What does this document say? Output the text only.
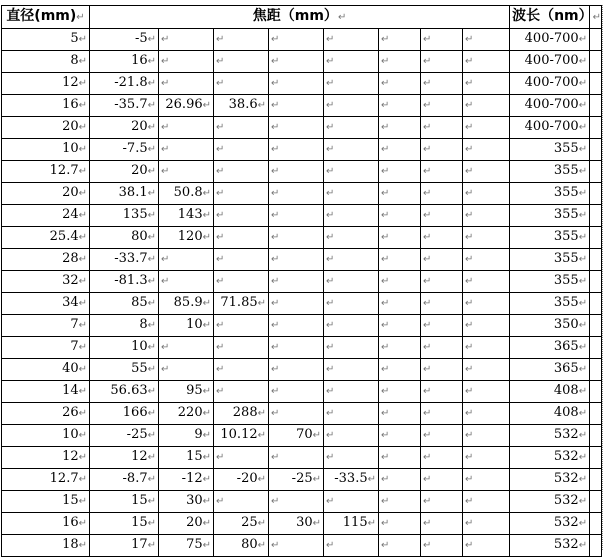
直径(mm)↵	焦距（mm）↵								波长（nm）↵	
5↵	-5↵	↵	↵	↵	↵	↵	↵	↵	400-700↵	
8↵	16↵	↵	↵	↵	↵	↵	↵	↵	400-700↵	
12↵	-21.8↵	↵	↵	↵	↵	↵	↵	↵	400-700↵	
16↵	-35.7↵	26.96↵	38.6↵	↵	↵	↵	↵	↵	400-700↵	
20↵	20↵	↵	↵	↵	↵	↵	↵	↵	400-700↵	
10↵	-7.5↵	↵	↵	↵	↵	↵	↵	↵	355↵	
12.7↵	20↵	↵	↵	↵	↵	↵	↵	↵	355↵	
20↵	38.1↵	50.8↵	↵	↵	↵	↵	↵	↵	355↵	
24↵	135↵	143↵	↵	↵	↵	↵	↵	↵	355↵	
25.4↵	80↵	120↵	↵	↵	↵	↵	↵	↵	355↵	
28↵	-33.7↵	↵	↵	↵	↵	↵	↵	↵	355↵	
32↵	-81.3↵	↵	↵	↵	↵	↵	↵	↵	355↵	
34↵	85↵	85.9↵	71.85↵	↵	↵	↵	↵	↵	355↵	
7↵	8↵	10↵	↵	↵	↵	↵	↵	↵	350↵	
7↵	10↵	↵	↵	↵	↵	↵	↵	↵	365↵	
40↵	55↵	↵	↵	↵	↵	↵	↵	↵	365↵	
14↵	56.63↵	95↵	↵	↵	↵	↵	↵	↵	408↵	
26↵	166↵	220↵	288↵	↵	↵	↵	↵	↵	408↵	
10↵	-25↵	9↵	10.12↵	70↵	↵	↵	↵	↵	532↵	
12↵	12↵	15↵	↵	↵	↵	↵	↵	↵	532↵	
12.7↵	-8.7↵	-12↵	-20↵	-25↵	-33.5↵	↵	↵	↵	532↵	
15↵	15↵	30↵	↵	↵	↵	↵	↵	↵	532↵	
16↵	15↵	20↵	25↵	30↵	115↵	↵	↵	↵	532↵	
18↵	17↵	75↵	80↵	↵	↵	↵	↵	↵	532↵	
